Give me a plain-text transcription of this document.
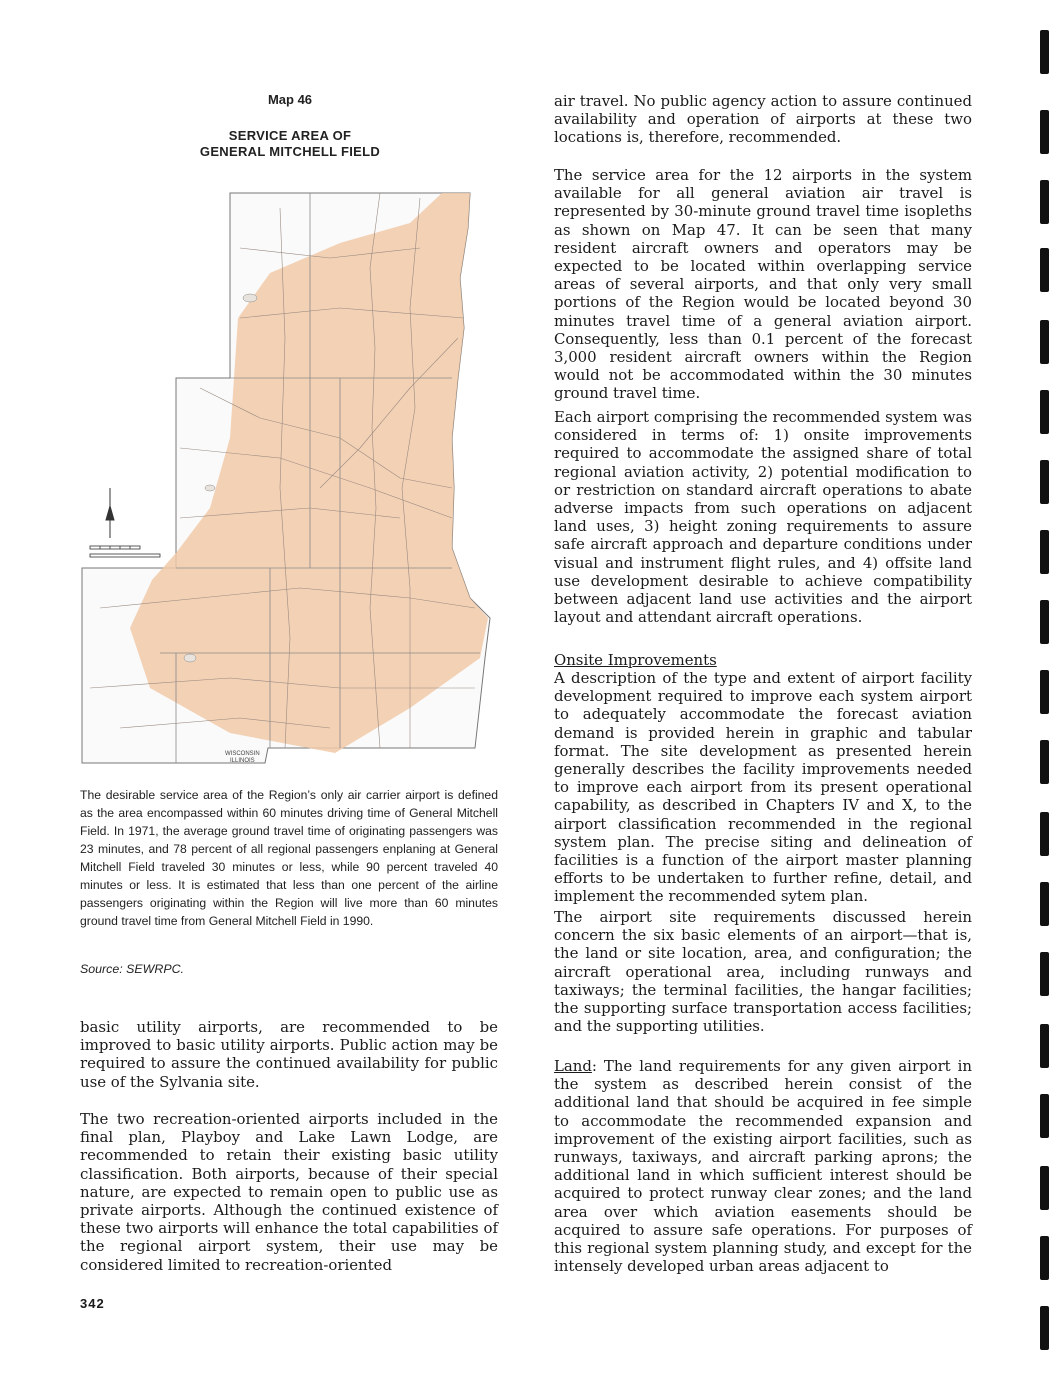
Map 46
SERVICE AREA OF
GENERAL MITCHELL FIELD
WISCONSIN
ILLINOIS
The desirable service area of the Region’s only air carrier airport is defined as the area encompassed within 60 minutes driving time of General Mitchell Field. In 1971, the average ground travel time of originating passengers was 23 minutes, and 78 percent of all regional passengers enplaning at General Mitchell Field traveled 30 minutes or less, while 90 percent traveled 40 minutes or less. It is estimated that less than one percent of the airline passengers originating within the Region will live more than 60 minutes ground travel time from General Mitchell Field in 1990.
Source: SEWRPC.

basic utility airports, are recommended to be improved to basic utility airports. Public action may be required to assure the continued availability for public use of the Sylvania site.

The two recreation-oriented airports included in the final plan, Playboy and Lake Lawn Lodge, are recommended to retain their existing basic utility classification. Both airports, because of their special nature, are expected to remain open to public use as private airports. Although the continued existence of these two airports will enhance the total capabilities of the regional airport system, their use may be considered limited to recreation-oriented

air travel. No public agency action to assure continued availability and operation of airports at these two locations is, therefore, recommended.

The service area for the 12 airports in the system available for all general aviation air travel is represented by 30-minute ground travel time isopleths as shown on Map 47. It can be seen that many resident aircraft owners and operators may be expected to be located within overlapping service areas of several airports, and that only very small portions of the Region would be located beyond 30 minutes travel time of a general aviation airport. Consequently, less than 0.1 percent of the forecast 3,000 resident aircraft owners within the Region would not be accommodated within the 30 minutes ground travel time.

Each airport comprising the recommended system was considered in terms of: 1) onsite improvements required to accommodate the assigned share of total regional aviation activity, 2) potential modification to or restriction on standard aircraft operations to abate adverse impacts from such operations on adjacent land uses, 3) height zoning requirements to assure safe aircraft approach and departure conditions under visual and instrument flight rules, and 4) offsite land use development desirable to achieve compatibility between adjacent land use activities and the airport layout and attendant aircraft operations.

Onsite Improvements

A description of the type and extent of airport facility development required to improve each system airport to adequately accommodate the forecast aviation demand is provided herein in graphic and tabular format. The site development as presented herein generally describes the facility improvements needed to improve each airport from its present operational capability, as described in Chapters IV and X, to the airport classification recommended in the regional system plan. The precise siting and delineation of facilities is a function of the airport master planning efforts to be undertaken to further refine, detail, and implement the recommended sytem plan.

The airport site requirements discussed herein concern the six basic elements of an airport—that is, the land or site location, area, and configuration; the aircraft operational area, including runways and taxiways; the terminal facilities, the hangar facilities; the supporting surface transportation access facilities; and the supporting utilities.

Land: The land requirements for any given airport in the system as described herein consist of the additional land that should be acquired in fee simple to accommodate the recommended expansion and improvement of the existing airport facilities, such as runways, taxiways, and aircraft parking aprons; the additional land in which sufficient interest should be acquired to protect runway clear zones; and the land area over which aviation easements should be acquired to assure safe operations. For purposes of this regional system planning study, and except for the intensely developed urban areas adjacent to

342
